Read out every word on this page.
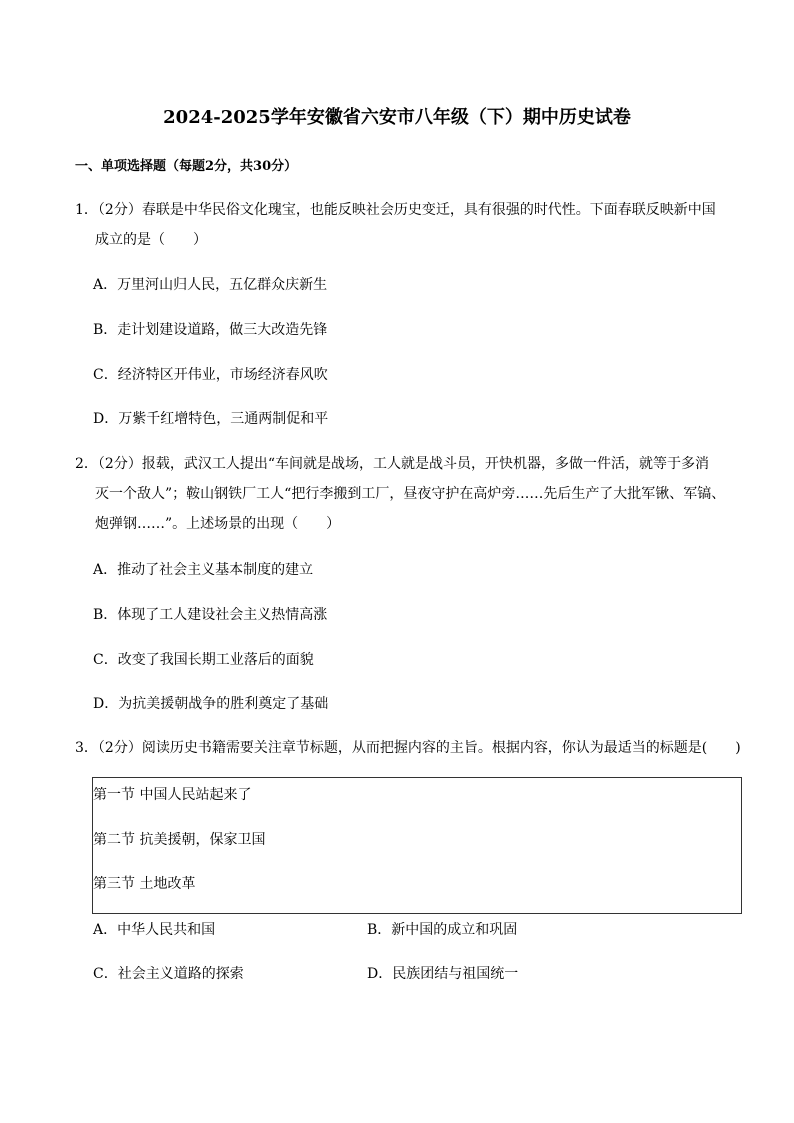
2024-2025学年安徽省六安市八年级（下）期中历史试卷
一、单项选择题（每题2分，共30分）
1．（2分）春联是中华民俗文化瑰宝，也能反映社会历史变迁，具有很强的时代性。下面春联反映新中国
成立的是（　　）
A．万里河山归人民，五亿群众庆新生
B．走计划建设道路，做三大改造先锋
C．经济特区开伟业，市场经济春风吹
D．万紫千红增特色，三通两制促和平
2．（2分）报载，武汉工人提出“车间就是战场，工人就是战斗员，开快机器，多做一件活，就等于多消
灭一个敌人”；鞍山钢铁厂工人“把行李搬到工厂，昼夜守护在高炉旁……先后生产了大批军锹、军镐、
炮弹钢……”。上述场景的出现（　　）
A．推动了社会主义基本制度的建立
B．体现了工人建设社会主义热情高涨
C．改变了我国长期工业落后的面貌
D．为抗美援朝战争的胜利奠定了基础
3．（2分）阅读历史书籍需要关注章节标题，从而把握内容的主旨。根据内容，你认为最适当的标题是(　　)
第一节 中国人民站起来了
第二节 抗美援朝，保家卫国
第三节 土地改革
A．中华人民共和国	B．新中国的成立和巩固
C．社会主义道路的探索	D．民族团结与祖国统一
